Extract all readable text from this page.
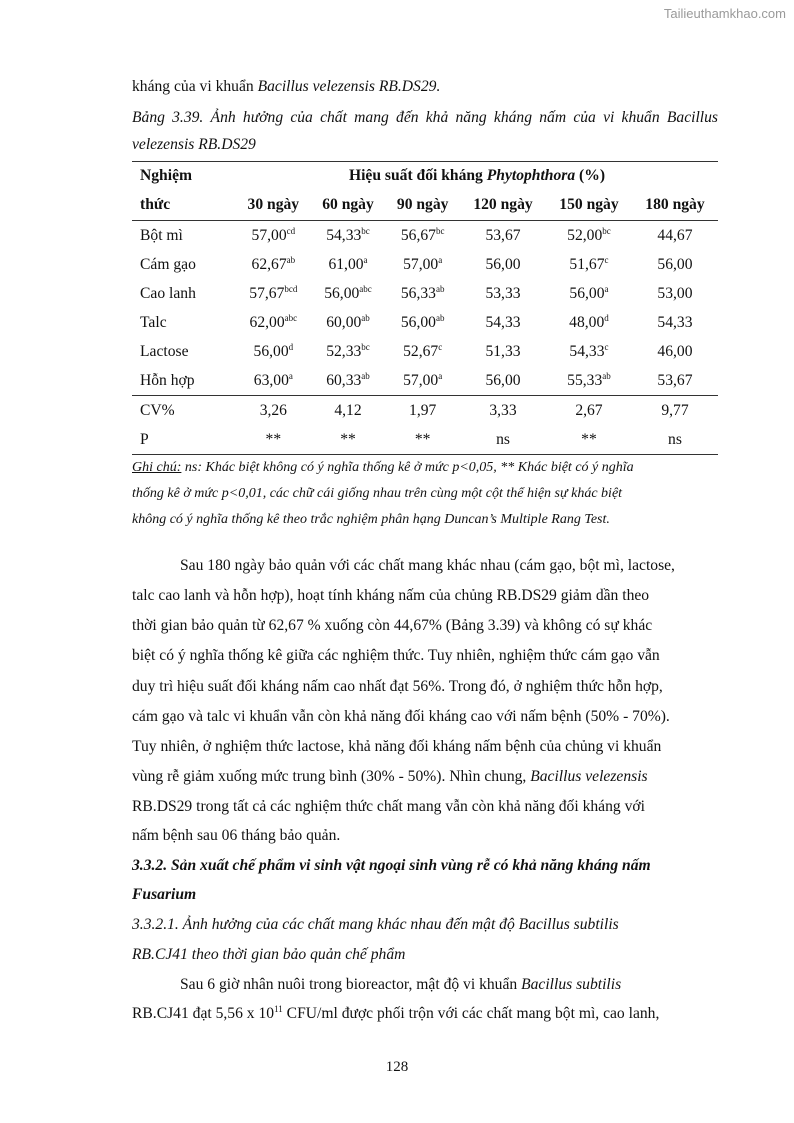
Tailieuthamkhao.com
kháng của vi khuẩn Bacillus velezensis RB.DS29.
Bảng 3.39. Ảnh hưởng của chất mang đến khả năng kháng nấm của vi khuẩn Bacillus
velezensis RB.DS29
Nghiệm	Hiệu suất đối kháng Phytophthora (%)					
thức	30 ngày	60 ngày	90 ngày	120 ngày	150 ngày	180 ngày
Bột mì	57,00$^{cd}$	54,33$^{bc}$	56,67$^{bc}$	53,67	52,00$^{bc}$	44,67
Cám gạo	62,67$^{ab}$	61,00$^a$	57,00$^a$	56,00	51,67$^c$	56,00
Cao lanh	57,67$^{bcd}$	56,00$^{abc}$	56,33$^{ab}$	53,33	56,00$^a$	53,00
Talc	62,00$^{abc}$	60,00$^{ab}$	56,00$^{ab}$	54,33	48,00$^d$	54,33
Lactose	56,00$^d$	52,33$^{bc}$	52,67$^c$	51,33	54,33$^c$	46,00
Hỗn hợp	63,00$^a$	60,33$^{ab}$	57,00$^a$	56,00	55,33$^{ab}$	53,67
CV%	3,26	4,12	1,97	3,33	2,67	9,77
P	**	**	**	ns	**	ns
Ghi chú: ns: Khác biệt không có ý nghĩa thống kê ở mức p<0,05, ** Khác biệt có ý nghĩa
thống kê ở mức p<0,01, các chữ cái giống nhau trên cùng một cột thể hiện sự khác biệt
không có ý nghĩa thống kê theo trắc nghiệm phân hạng Duncan’s Multiple Rang Test.
Sau 180 ngày bảo quản với các chất mang khác nhau (cám gạo, bột mì, lactose,
talc cao lanh và hỗn hợp), hoạt tính kháng nấm của chủng RB.DS29 giảm dần theo
thời gian bảo quản từ 62,67 % xuống còn 44,67% (Bảng 3.39) và không có sự khác
biệt có ý nghĩa thống kê giữa các nghiệm thức. Tuy nhiên, nghiệm thức cám gạo vẫn
duy trì hiệu suất đối kháng nấm cao nhất đạt 56%. Trong đó, ở nghiệm thức hỗn hợp,
cám gạo và talc vi khuẩn vẫn còn khả năng đối kháng cao với nấm bệnh (50% - 70%).
Tuy nhiên, ở nghiệm thức lactose, khả năng đối kháng nấm bệnh của chủng vi khuẩn
vùng rễ giảm xuống mức trung bình (30% - 50%). Nhìn chung, Bacillus velezensis
RB.DS29 trong tất cả các nghiệm thức chất mang vẫn còn khả năng đối kháng với
nấm bệnh sau 06 tháng bảo quản.
3.3.2. Sản xuất chế phẩm vi sinh vật ngoại sinh vùng rễ có khả năng kháng nấm
Fusarium
3.3.2.1. Ảnh hưởng của các chất mang khác nhau đến mật độ Bacillus subtilis
RB.CJ41 theo thời gian bảo quản chế phẩm
Sau 6 giờ nhân nuôi trong bioreactor, mật độ vi khuẩn Bacillus subtilis
RB.CJ41 đạt 5,56 x $10^{11}$ CFU/ml được phối trộn với các chất mang bột mì, cao lanh,
128
